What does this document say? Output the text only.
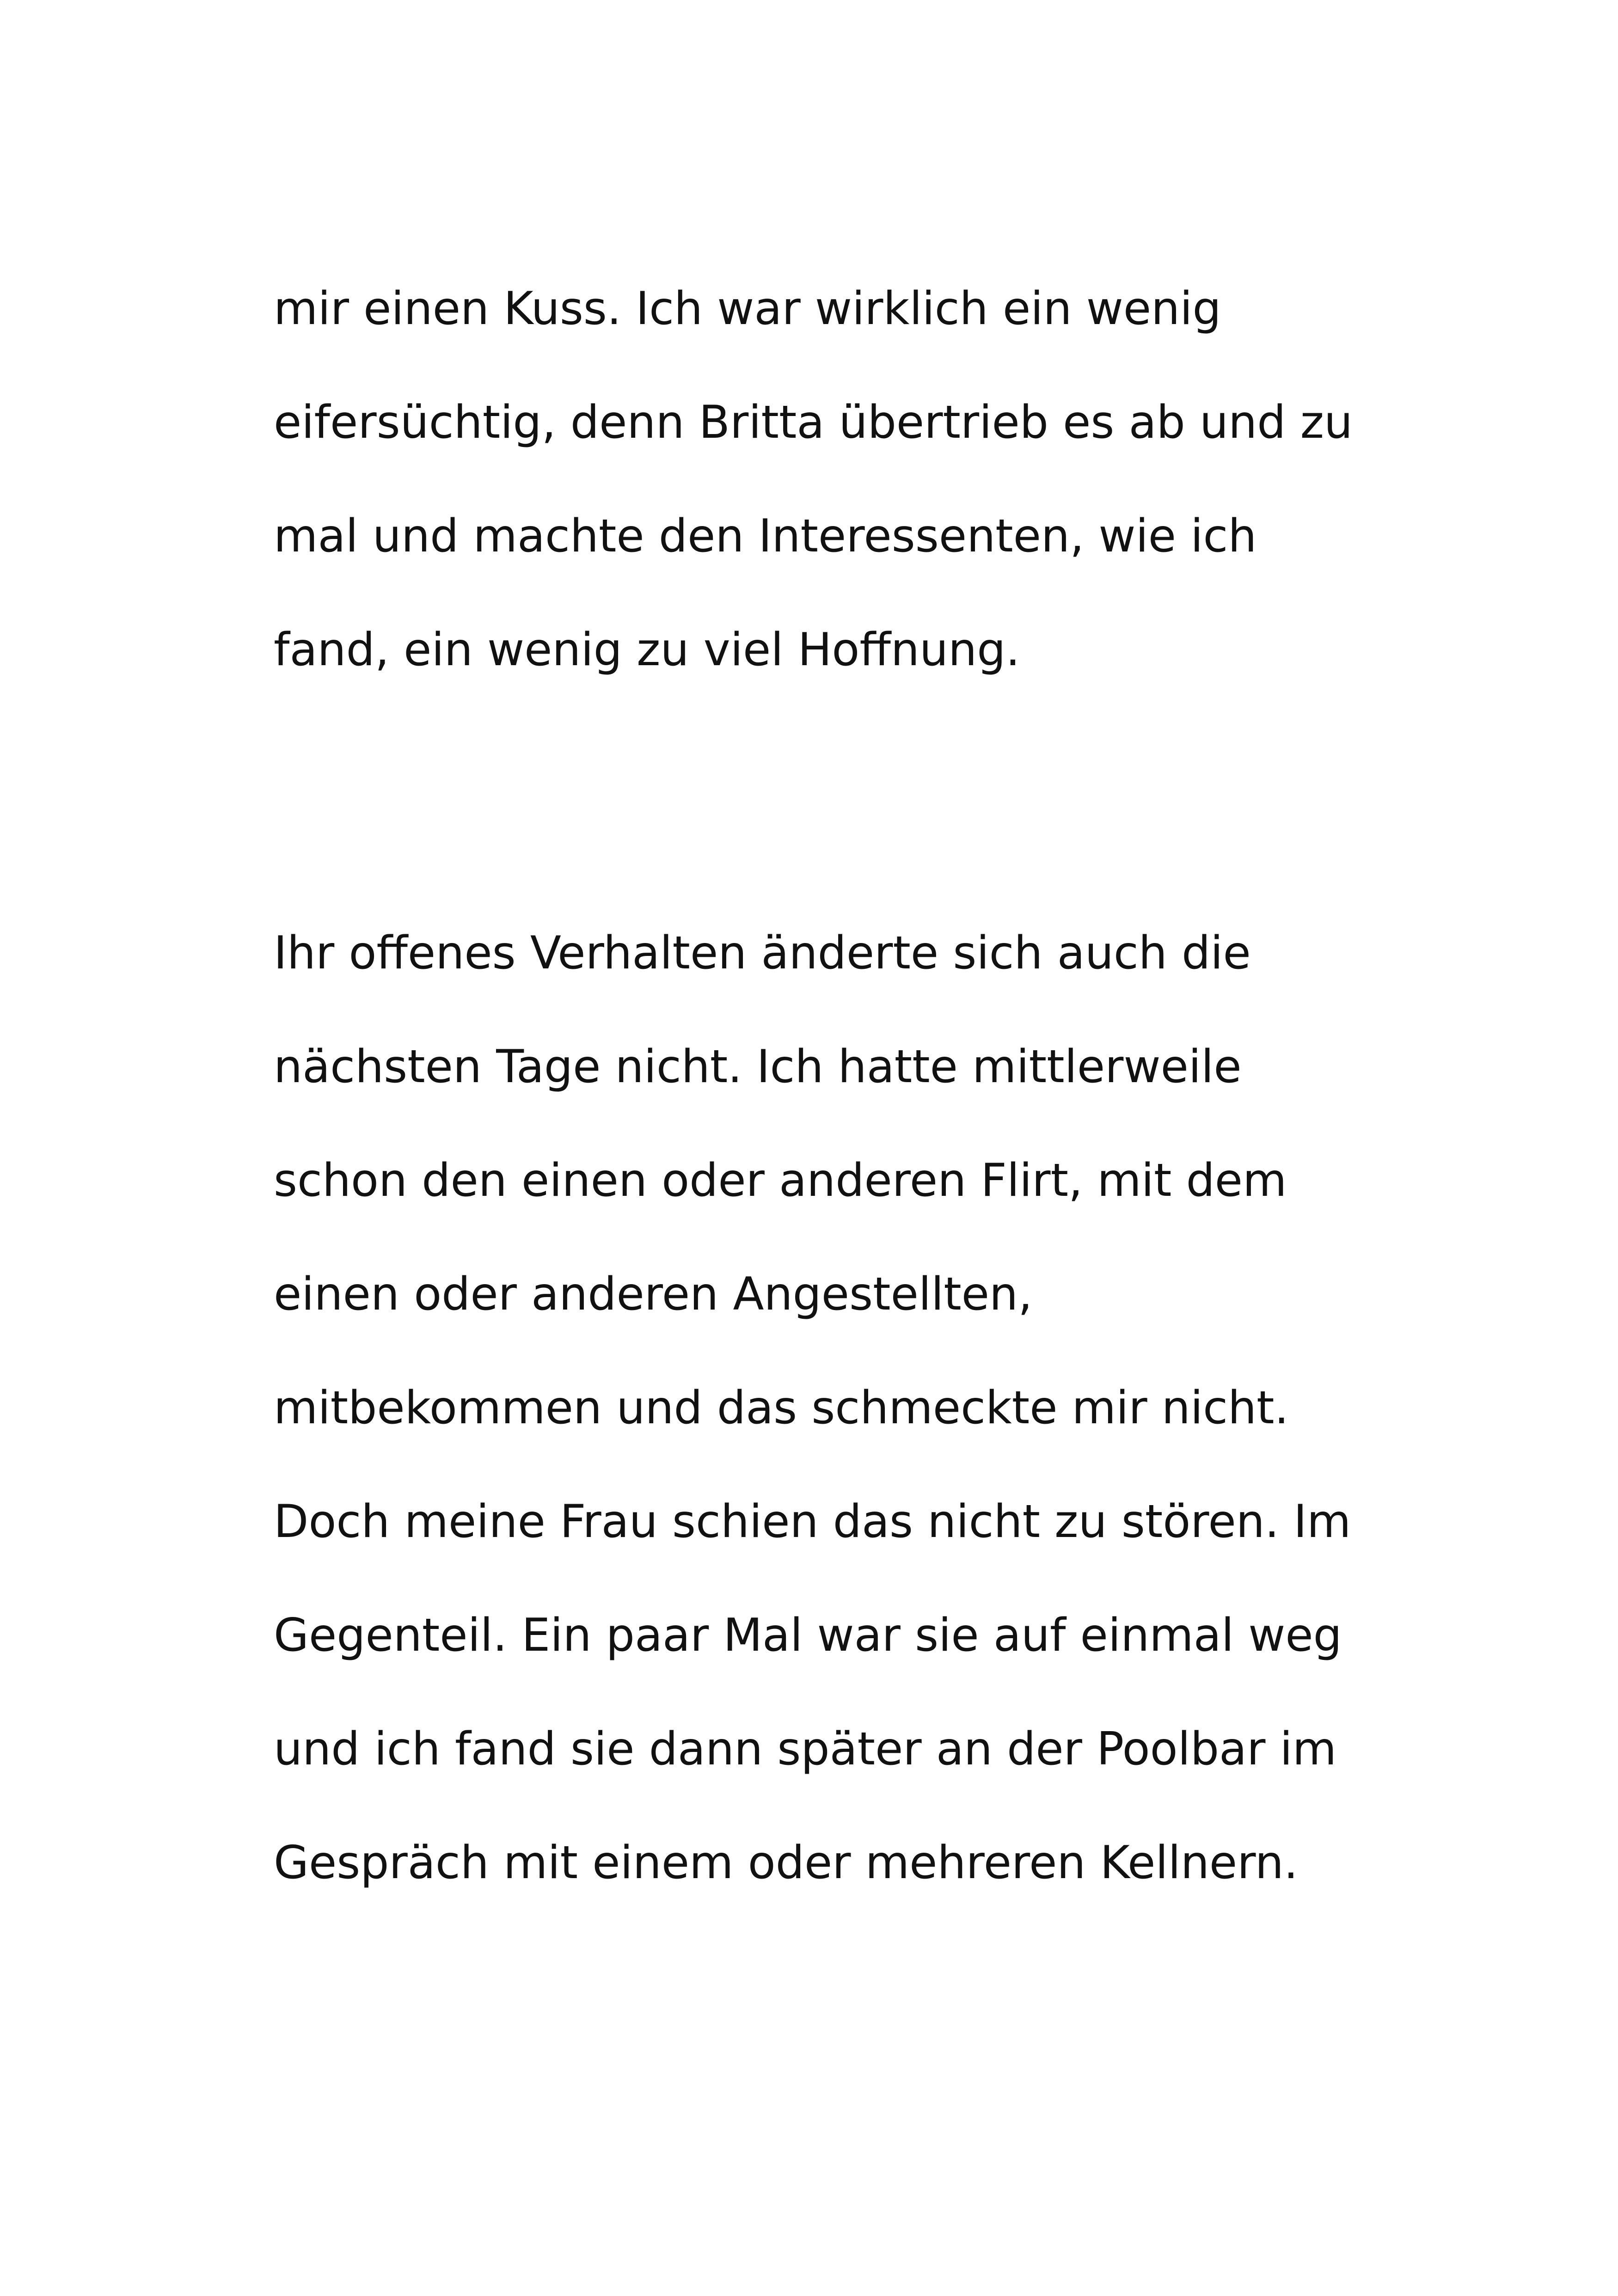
mir einen Kuss. Ich war wirklich ein wenig
eifersüchtig, denn Britta übertrieb es ab und zu
mal und machte den Interessenten, wie ich
fand, ein wenig zu viel Hoffnung.
Ihr offenes Verhalten änderte sich auch die
nächsten Tage nicht. Ich hatte mittlerweile
schon den einen oder anderen Flirt, mit dem
einen oder anderen Angestellten,
mitbekommen und das schmeckte mir nicht.
Doch meine Frau schien das nicht zu stören. Im
Gegenteil. Ein paar Mal war sie auf einmal weg
und ich fand sie dann später an der Poolbar im
Gespräch mit einem oder mehreren Kellnern.
